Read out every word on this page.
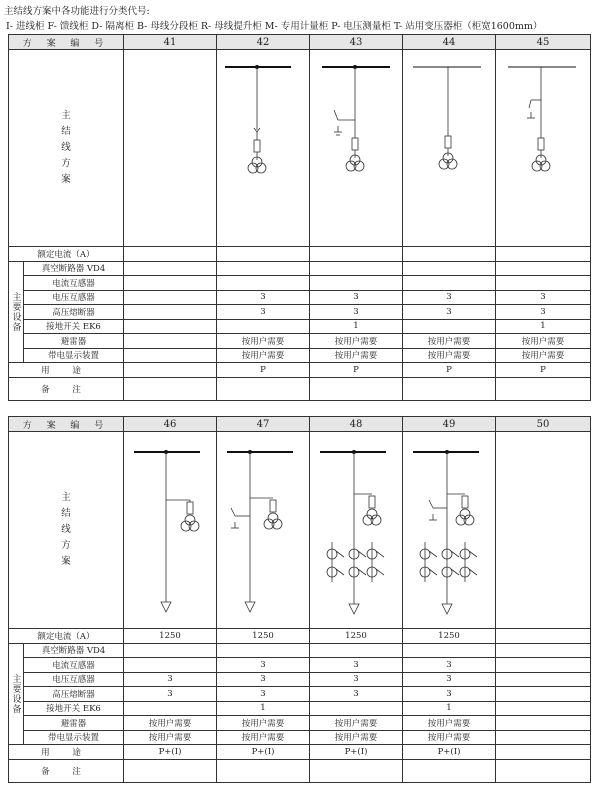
主结线方案中各功能进行分类代号:
I- 进线柜 F- 馈线柜 D- 隔离柜 B- 母线分段柜 R- 母线提升柜 M- 专用计量柜 P- 电压测量柜 T- 站用变压器柜（柜宽1600mm）
方 案 编 号		41	42	43	44	45

主结线方案

额定电流（A）						
主要设备	真空断路器 VD4					
	电流互感器					
	电压互感器		3	3	3	3
	高压熔断器		3	3	3	3
	接地开关 EK6			1		1
	避雷器		按用户需要	按用户需要	按用户需要	按用户需要
	带电显示装置		按用户需要	按用户需要	按用户需要	按用户需要
用 途			P	P	P	P
备 注						
方 案 编 号		46	47	48	49	50

主结线方案

额定电流（A）		1250	1250	1250	1250	
主要设备	真空断路器 VD4					
	电流互感器		3	3	3	
	电压互感器	3	3	3	3	
	高压熔断器	3	3	3	3	
	接地开关 EK6		1		1	
	避雷器	按用户需要	按用户需要	按用户需要	按用户需要	
	带电显示装置	按用户需要	按用户需要	按用户需要	按用户需要	
用 途		P+(I)	P+(I)	P+(I)	P+(I)	
备 注						
